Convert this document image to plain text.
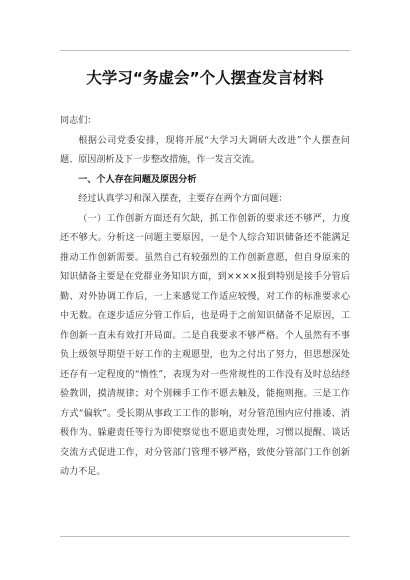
大学习“务虚会”个人摆查发言材料

同志们：

根据公司党委安排，现将开展“大学习大调研大改进”个人摆查问题、原因剖析及下一步整改措施，作一发言交流。

一、个人存在问题及原因分析

经过认真学习和深入摆查，主要存在两个方面问题：

（一）工作创新方面还有欠缺，抓工作创新的要求还不够严，力度还不够大。分析这一问题主要原因，一是个人综合知识储备还不能满足推动工作创新需要。虽然自己有较强烈的工作创新意愿，但自身原来的知识储备主要是在党群业务知识方面，到××××报到特别是接手分管后勤、对外协调工作后，一上来感觉工作适应较慢，对工作的标准要求心中无数。在逐步适应分管工作后，也是碍于之前知识储备不足原因，工作创新一直未有效打开局面。二是自我要求不够严格。个人虽然有不事负上级领导期望干好工作的主观愿望，也为之付出了努力，但思想深处还存有一定程度的“惰性”，表现为对一些常规性的工作没有及时总结经验教训，摸清规律；对个别棘手工作不愿去触及，能拖则拖。三是工作方式“偏软”。受长期从事政工工作的影响，对分管范围内应付推诿、消极作为、躲避责任等行为即使察觉也不愿追责处理，习惯以提醒、谈话交流方式促进工作，对分管部门管理不够严格，致使分管部门工作创新动力不足。
